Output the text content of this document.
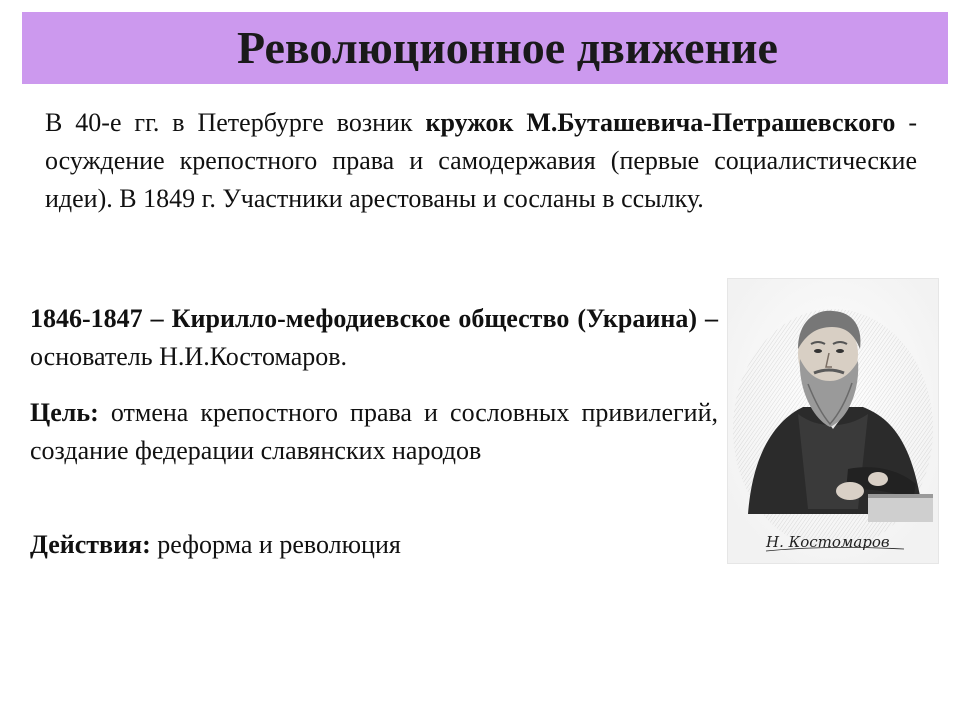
Революционное движение
В 40-е гг. в Петербурге возник кружок М.Буташевича-Петрашевского - осуждение крепостного права и самодержавия (первые социалистические идеи). В 1849 г. Участники арестованы и сосланы в ссылку.
1846-1847 – Кирилло-мефодиевское общество (Украина) – основатель Н.И.Костомаров.
Цель: отмена крепостного права и сословных привилегий, создание федерации славянских народов
Действия: реформа и революция	Н. Костомаров
